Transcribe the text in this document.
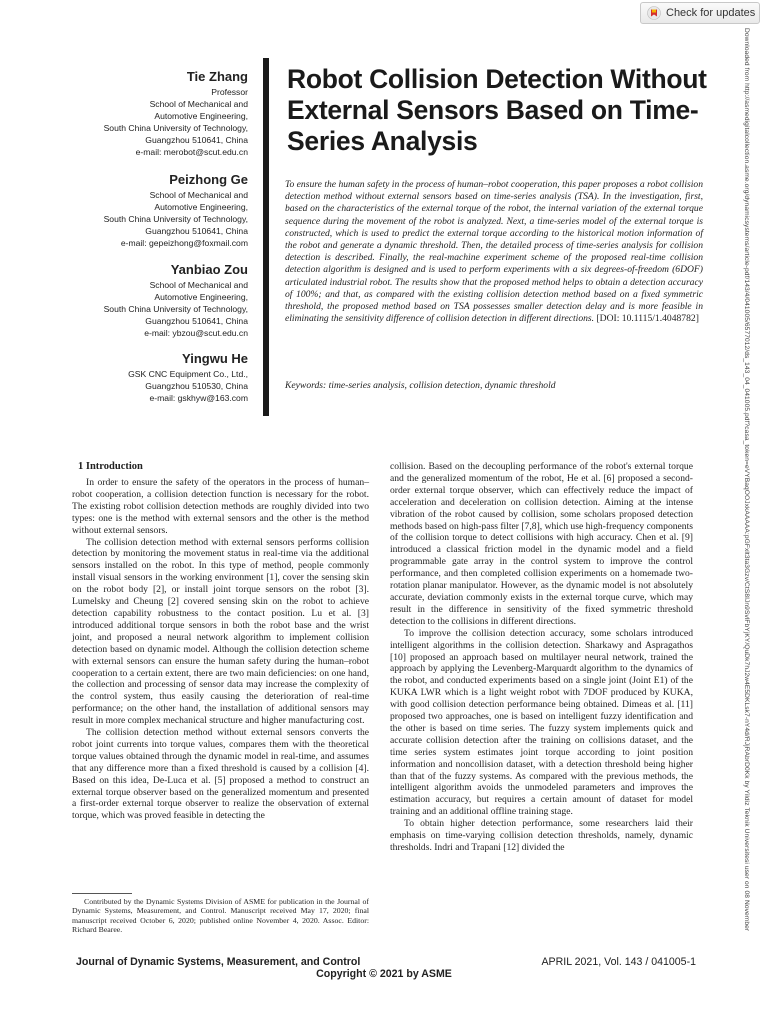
Check for updates
Downloaded from http://asmedigitalcollection.asme.org/dynamicsystems/article-pdf/143/4/041005/6577012/ds_143_04_041005.pdf?casa_token=eVYBaqOOJxkAAAAA:pGFxlt3ta3Gzv/CtS8IJn9SvlFbYjKY/QuDk7hJ2w4E5DKLsk7-nY4d/RJjRAbrD0Kk by Yildiz Teknik Universitesi user on 08 November
Tie Zhang
Professor
School of Mechanical and
Automotive Engineering,
South China University of Technology,
Guangzhou 510641, China
e-mail: merobot@scut.edu.cn
Peizhong Ge
School of Mechanical and
Automotive Engineering,
South China University of Technology,
Guangzhou 510641, China
e-mail: gepeizhong@foxmail.com
Yanbiao Zou
School of Mechanical and
Automotive Engineering,
South China University of Technology,
Guangzhou 510641, China
e-mail: ybzou@scut.edu.cn
Yingwu He
GSK CNC Equipment Co., Ltd.,
Guangzhou 510530, China
e-mail: gskhyw@163.com
Robot Collision Detection Without External Sensors Based on Time-Series Analysis
To ensure the human safety in the process of human–robot cooperation, this paper proposes a robot collision detection method without external sensors based on time-series analysis (TSA). In the investigation, first, based on the characteristics of the external torque of the robot, the internal variation of the external torque sequence during the movement of the robot is analyzed. Next, a time-series model of the external torque is constructed, which is used to predict the external torque according to the historical motion information of the robot and generate a dynamic threshold. Then, the detailed process of time-series analysis for collision detection is described. Finally, the real-machine experiment scheme of the proposed real-time collision detection algorithm is designed and is used to perform experiments with a six degrees-of-freedom (6DOF) articulated industrial robot. The results show that the proposed method helps to obtain a detection accuracy of 100%; and that, as compared with the existing collision detection method based on a fixed symmetric threshold, the proposed method based on TSA possesses smaller detection delay and is more feasible in eliminating the sensitivity difference of collision detection in different directions. [DOI: 10.1115/1.4048782]
Keywords: time-series analysis, collision detection, dynamic threshold
1 Introduction

In order to ensure the safety of the operators in the process of human–robot cooperation, a collision detection function is necessary for the robot. The existing robot collision detection methods are roughly divided into two types: one is the method with external sensors and the other is the method without external sensors.

The collision detection method with external sensors performs collision detection by monitoring the movement status in real-time via the additional sensors installed on the robot. In this type of method, people commonly install visual sensors in the working environment [1], cover the sensing skin on the robot body [2], or install joint torque sensors on the robot [3]. Lumelsky and Cheung [2] covered sensing skin on the robot to achieve detection capability robustness to the contact position. Lu et al. [3] introduced additional torque sensors in both the robot base and the wrist joint, and proposed a neural network algorithm to implement collision detection based on dynamic model. Although the collision detection scheme with external sensors can ensure the human safety during the human–robot cooperation to a certain extent, there are two main deficiencies: on one hand, the collection and processing of sensor data may increase the complexity of the control system, thus easily causing the deterioration of real-time performance; on the other hand, the installation of additional sensors may result in more complex mechanical structure and higher manufacturing cost.

The collision detection method without external sensors converts the robot joint currents into torque values, compares them with the theoretical torque values obtained through the dynamic model in real-time, and assumes that any difference more than a fixed threshold is caused by a collision [4]. Based on this idea, De-Luca et al. [5] proposed a method to construct an external torque observer based on the generalized momentum and presented a first-order external torque observer to realize the observation of external torque, which was proved feasible in detecting the

collision. Based on the decoupling performance of the robot's external torque and the generalized momentum of the robot, He et al. [6] proposed a second-order external torque observer, which can effectively reduce the impact of acceleration and deceleration on collision detection. Aiming at the intense vibration of the robot caused by collision, some scholars proposed detection methods based on high-pass filter [7,8], which use high-frequency components of the collision torque to detect collisions with high accuracy. Chen et al. [9] introduced a classical friction model in the dynamic model and a field programmable gate array in the control system to improve the control performance, and then completed collision experiments on a homemade two-rotation planar manipulator. However, as the dynamic model is not absolutely accurate, deviation commonly exists in the external torque curve, which may result in the difference in sensitivity of the fixed symmetric threshold detection to the collisions in different directions.

To improve the collision detection accuracy, some scholars introduced intelligent algorithms in the collision detection. Sharkawy and Aspragathos [10] proposed an approach based on multilayer neural network, trained the approach by applying the Levenberg-Marquardt algorithm to the dynamics of the robot, and conducted experiments based on a single joint (Joint E1) of the KUKA LWR which is a light weight robot with 7DOF produced by KUKA, with good collision detection performance being obtained. Dimeas et al. [11] proposed two approaches, one is based on intelligent fuzzy identification and the other is based on time series. The fuzzy system implements quick and accurate collision detection after the training on collisions dataset, and the time series system estimates joint torque according to joint position information and noncollision dataset, with a detection threshold being higher than that of the fuzzy systems. As compared with the previous methods, the intelligent algorithm avoids the unmodeled parameters and improves the estimation accuracy, but requires a certain amount of dataset for model training and an additional offline training stage.

To obtain higher detection performance, some researchers laid their emphasis on time-varying collision detection thresholds, namely, dynamic thresholds. Indri and Trapani [12] divided the

Contributed by the Dynamic Systems Division of ASME for publication in the Journal of Dynamic Systems, Measurement, and Control. Manuscript received May 17, 2020; final manuscript received October 6, 2020; published online November 4, 2020. Assoc. Editor: Richard Bearee.

Journal of Dynamic Systems, Measurement, and Control	APRIL 2021, Vol. 143 / 041005-1
Copyright © 2021 by ASME
